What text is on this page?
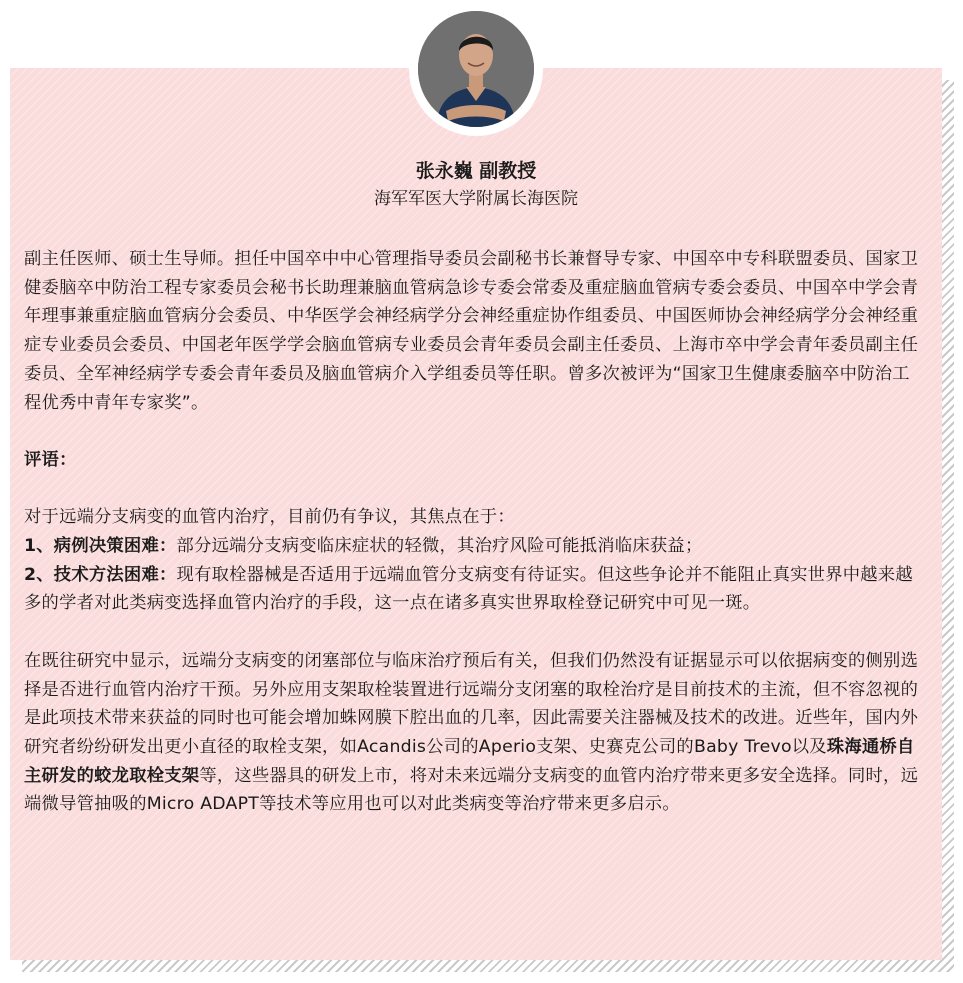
张永巍 副教授
海军军医大学附属长海医院

副主任医师、硕士生导师。担任中国卒中中心管理指导委员会副秘书长兼督导专家、中国卒中专科联盟委员、国家卫健委脑卒中防治工程专家委员会秘书长助理兼脑血管病急诊专委会常委及重症脑血管病专委会委员、中国卒中学会青年理事兼重症脑血管病分会委员、中华医学会神经病学分会神经重症协作组委员、中国医师协会神经病学分会神经重症专业委员会委员、中国老年医学学会脑血管病专业委员会青年委员会副主任委员、上海市卒中学会青年委员副主任委员、全军神经病学专委会青年委员及脑血管病介入学组委员等任职。曾多次被评为“国家卫生健康委脑卒中防治工程优秀中青年专家奖”。

评语：

对于远端分支病变的血管内治疗，目前仍有争议，其焦点在于：

1、病例决策困难：部分远端分支病变临床症状的轻微，其治疗风险可能抵消临床获益；

2、技术方法困难：现有取栓器械是否适用于远端血管分支病变有待证实。但这些争论并不能阻止真实世界中越来越多的学者对此类病变选择血管内治疗的手段，这一点在诸多真实世界取栓登记研究中可见一斑。

在既往研究中显示，远端分支病变的闭塞部位与临床治疗预后有关，但我们仍然没有证据显示可以依据病变的侧别选择是否进行血管内治疗干预。另外应用支架取栓装置进行远端分支闭塞的取栓治疗是目前技术的主流，但不容忽视的是此项技术带来获益的同时也可能会增加蛛网膜下腔出血的几率，因此需要关注器械及技术的改进。近些年，国内外研究者纷纷研发出更小直径的取栓支架，如Acandis公司的Aperio支架、史赛克公司的Baby Trevo以及珠海通桥自主研发的蛟龙取栓支架等，这些器具的研发上市，将对未来远端分支病变的血管内治疗带来更多安全选择。同时，远端微导管抽吸的Micro ADAPT等技术等应用也可以对此类病变等治疗带来更多启示。
